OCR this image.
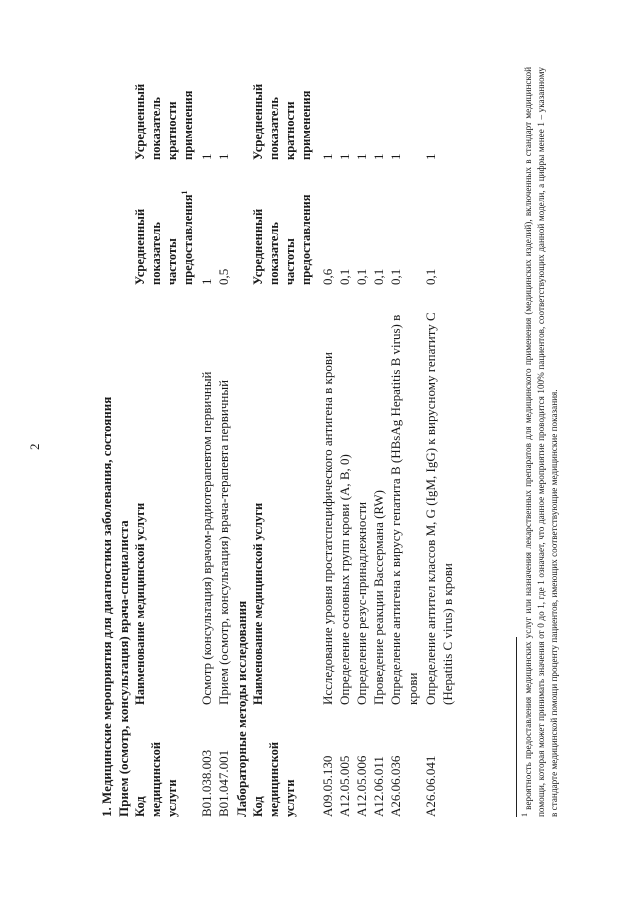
2	1. Медицинские мероприятия для диагностики заболевания, состояния Прием (осмотр, консультация) врача-специалиста Код медицинской услуги
Наименование медицинской услуги
Усредненный показатель частоты предоставления$^1$
Усредненный показатель кратности применения
B01.038.003
Осмотр (консультация) врачом-радиотерапевтом первичный
1
1
B01.047.001
Прием (осмотр, консультация) врача-терапевта первичный
0,5
1
Лабораторные методы исследования Код медицинской услуги
Наименование медицинской услуги
Усредненный показатель частоты предоставления
Усредненный показатель кратности применения
A09.05.130
Исследование уровня простатспецифического антигена в крови
0,6
1
A12.05.005
Определение основных групп крови (A, B, 0)
0,1
1
A12.05.006
Определение резус-принадлежности
0,1
1
A12.06.011
Проведение реакции Вассермана (RW)
0,1
1
A26.06.036
Определение антигена к вирусу гепатита B (HBsAg Hepatitis B virus) в крови
0,1
1
A26.06.041
Определение антител классов M, G (IgM, IgG) к вирусному гепатиту C (Hepatitis C virus) в крови
0,1
1
$^1$ вероятность предоставления медицинских услуг или назначения лекарственных препаратов для медицинского применения (медицинских изделий), включенных в стандарт медицинской помощи, которая может принимать значения от 0 до 1, где 1 означает, что данное мероприятие проводится 100% пациентов, соответствующих данной модели, а цифры менее 1 – указанному в стандарте медицинской помощи проценту пациентов, имеющих соответствующие медицинские показания.
